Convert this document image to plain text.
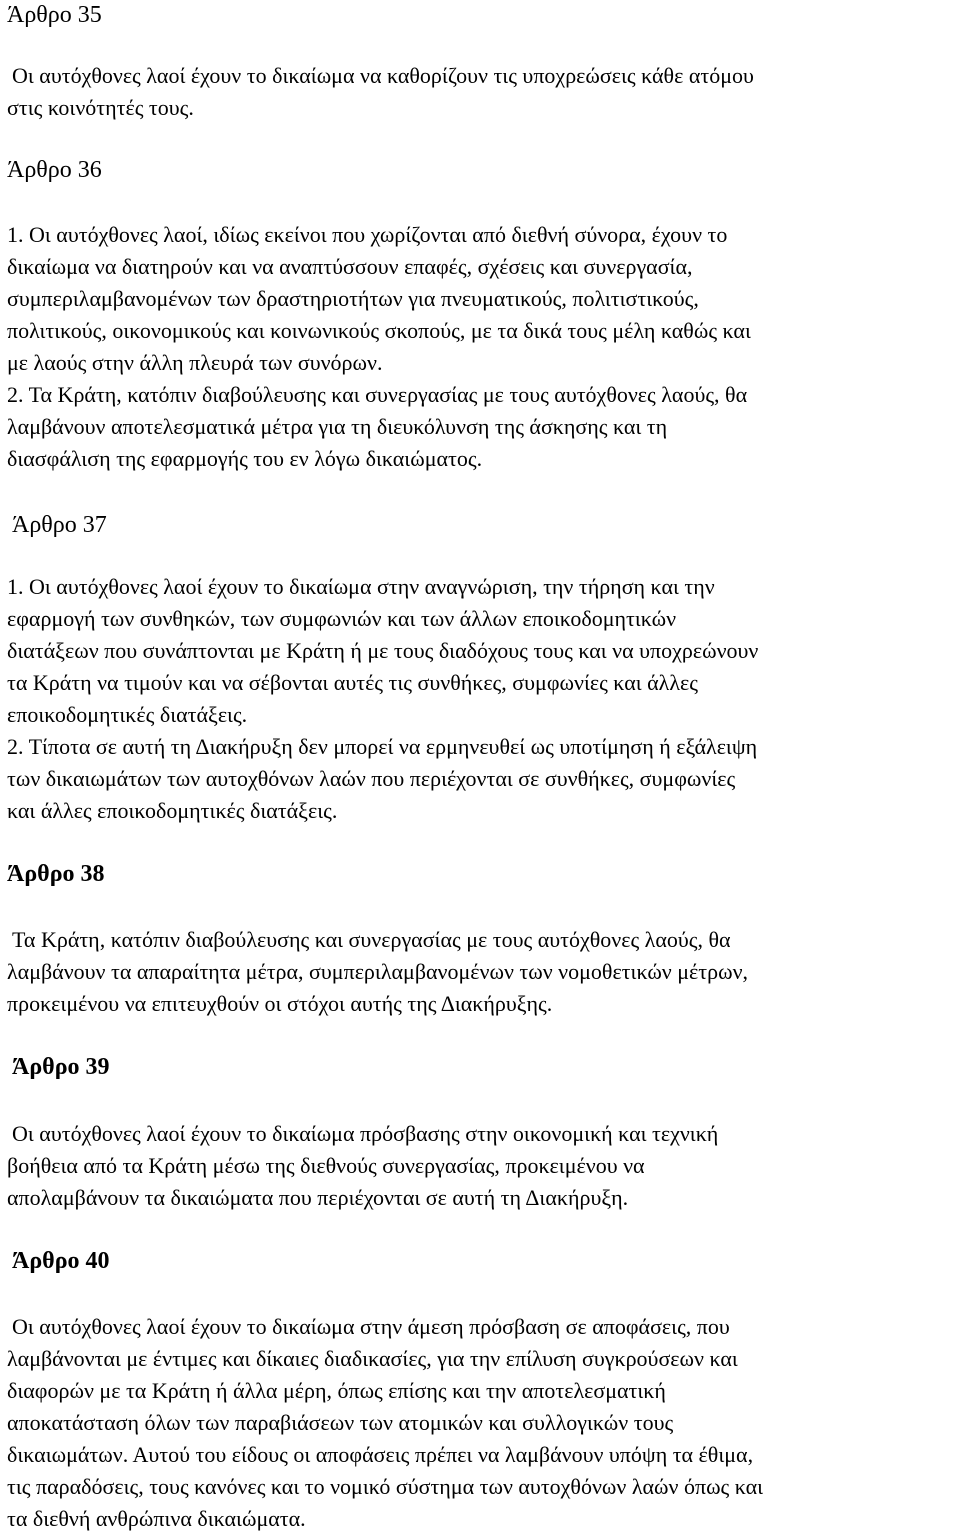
Άρθρο 35

Οι αυτόχθονες λαοί έχουν το δικαίωμα να καθορίζουν τις υποχρεώσεις κάθε ατόμου

στις κοινότητές τους.

Άρθρο 36

1. Οι αυτόχθονες λαοί, ιδίως εκείνοι που χωρίζονται από διεθνή σύνορα, έχουν το

δικαίωμα να διατηρούν και να αναπτύσσουν επαφές, σχέσεις και συνεργασία,

συμπεριλαμβανομένων των δραστηριοτήτων για πνευματικούς, πολιτιστικούς,

πολιτικούς, οικονομικούς και κοινωνικούς σκοπούς, με τα δικά τους μέλη καθώς και

με λαούς στην άλλη πλευρά των συνόρων.

2. Τα Κράτη, κατόπιν διαβούλευσης και συνεργασίας με τους αυτόχθονες λαούς, θα

λαμβάνουν αποτελεσματικά μέτρα για τη διευκόλυνση της άσκησης και τη

διασφάλιση της εφαρμογής του εν λόγω δικαιώματος.

Άρθρο 37

1. Οι αυτόχθονες λαοί έχουν το δικαίωμα στην αναγνώριση, την τήρηση και την

εφαρμογή των συνθηκών, των συμφωνιών και των άλλων εποικοδομητικών

διατάξεων που συνάπτονται με Κράτη ή με τους διαδόχους τους και να υποχρεώνουν

τα Κράτη να τιμούν και να σέβονται αυτές τις συνθήκες, συμφωνίες και άλλες

εποικοδομητικές διατάξεις.

2. Τίποτα σε αυτή τη Διακήρυξη δεν μπορεί να ερμηνευθεί ως υποτίμηση ή εξάλειψη

των δικαιωμάτων των αυτοχθόνων λαών που περιέχονται σε συνθήκες, συμφωνίες

και άλλες εποικοδομητικές διατάξεις.

Άρθρο 38

Τα Κράτη, κατόπιν διαβούλευσης και συνεργασίας με τους αυτόχθονες λαούς, θα

λαμβάνουν τα απαραίτητα μέτρα, συμπεριλαμβανομένων των νομοθετικών μέτρων,

προκειμένου να επιτευχθούν οι στόχοι αυτής της Διακήρυξης.

Άρθρο 39

Οι αυτόχθονες λαοί έχουν το δικαίωμα πρόσβασης στην οικονομική και τεχνική

βοήθεια από τα Κράτη μέσω της διεθνούς συνεργασίας, προκειμένου να

απολαμβάνουν τα δικαιώματα που περιέχονται σε αυτή τη Διακήρυξη.

Άρθρο 40

Οι αυτόχθονες λαοί έχουν το δικαίωμα στην άμεση πρόσβαση σε αποφάσεις, που

λαμβάνονται με έντιμες και δίκαιες διαδικασίες, για την επίλυση συγκρούσεων και

διαφορών με τα Κράτη ή άλλα μέρη, όπως επίσης και την αποτελεσματική

αποκατάσταση όλων των παραβιάσεων των ατομικών και συλλογικών τους

δικαιωμάτων. Αυτού του είδους οι αποφάσεις πρέπει να λαμβάνουν υπόψη τα έθιμα,

τις παραδόσεις, τους κανόνες και το νομικό σύστημα των αυτοχθόνων λαών όπως και

τα διεθνή ανθρώπινα δικαιώματα.
